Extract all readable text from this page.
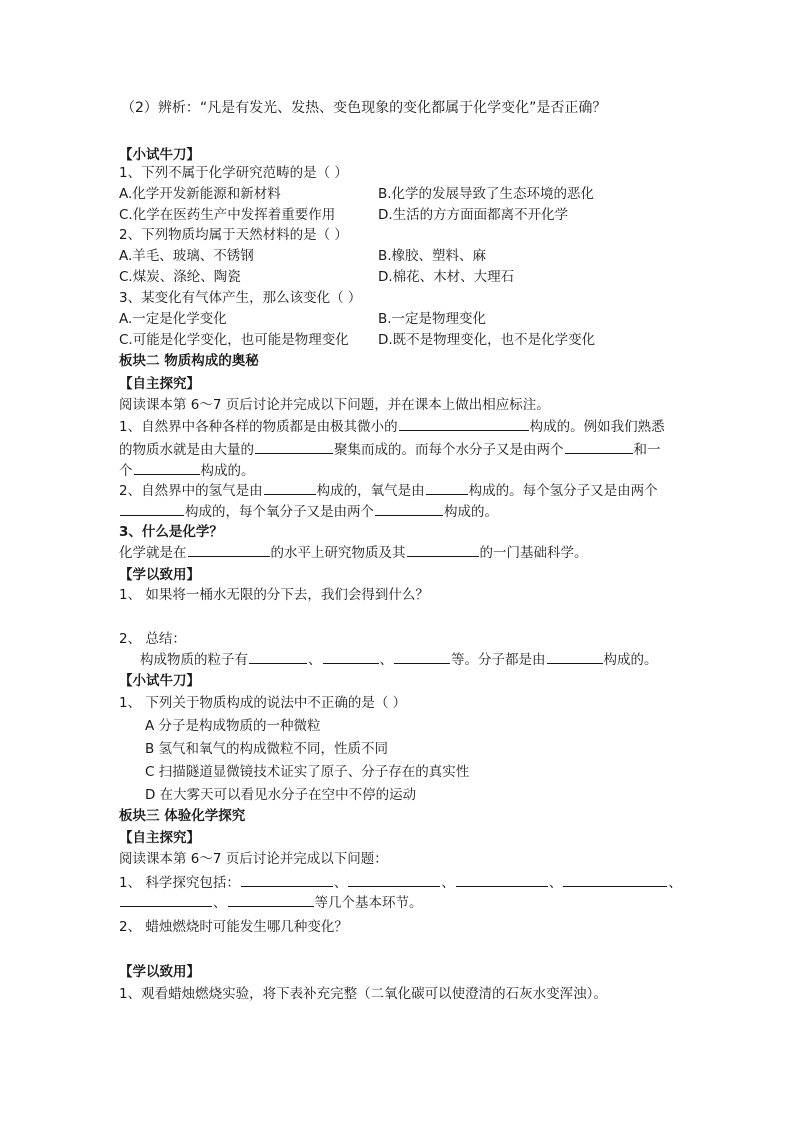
（2）辨析：“凡是有发光、发热、变色现象的变化都属于化学变化”是否正确？
【小试牛刀】
1、下列不属于化学研究范畴的是（ ）
A.化学开发新能源和新材料	B.化学的发展导致了生态环境的恶化
C.化学在医药生产中发挥着重要作用	D.生活的方方面面都离不开化学
2、下列物质均属于天然材料的是（ ）
A.羊毛、玻璃、不锈钢	B.橡胶、塑料、麻
C.煤炭、涤纶、陶瓷	D.棉花、木材、大理石
3、某变化有气体产生，那么该变化（ ）
A.一定是化学变化	B.一定是物理变化
C.可能是化学变化，也可能是物理变化 D.既不是物理变化，也不是化学变化
板块二 物质构成的奥秘
【自主探究】
阅读课本第 6～7 页后讨论并完成以下问题，并在课本上做出相应标注。
1、自然界中各种各样的物质都是由极其微小的	构成的。例如我们熟悉
的物质水就是由大量的	聚集而成的。而每个水分子又是由两个	和一
个	构成的。
2、自然界中的氢气是由	构成的，氧气是由	构成的。每个氢分子又是由两个
构成的，每个氧分子又是由两个	构成的。
3、什么是化学？
化学就是在	的水平上研究物质及其	的一门基础科学。
【学以致用】
1、 如果将一桶水无限的分下去，我们会得到什么？
2、 总结：
构成物质的粒子有	、	、	等。分子都是由	构成的。
【小试牛刀】
1、 下列关于物质构成的说法中不正确的是（ ）
A 分子是构成物质的一种微粒
B 氢气和氧气的构成微粒不同，性质不同
C 扫描隧道显微镜技术证实了原子、分子存在的真实性
D 在大雾天可以看见水分子在空中不停的运动
板块三 体验化学探究
【自主探究】
阅读课本第 6～7 页后讨论并完成以下问题：
1、 科学探究包括：	、	、	、	、
、	等几个基本环节。
2、 蜡烛燃烧时可能发生哪几种变化？
【学以致用】
1、观看蜡烛燃烧实验，将下表补充完整（二氧化碳可以使澄清的石灰水变浑浊）。
